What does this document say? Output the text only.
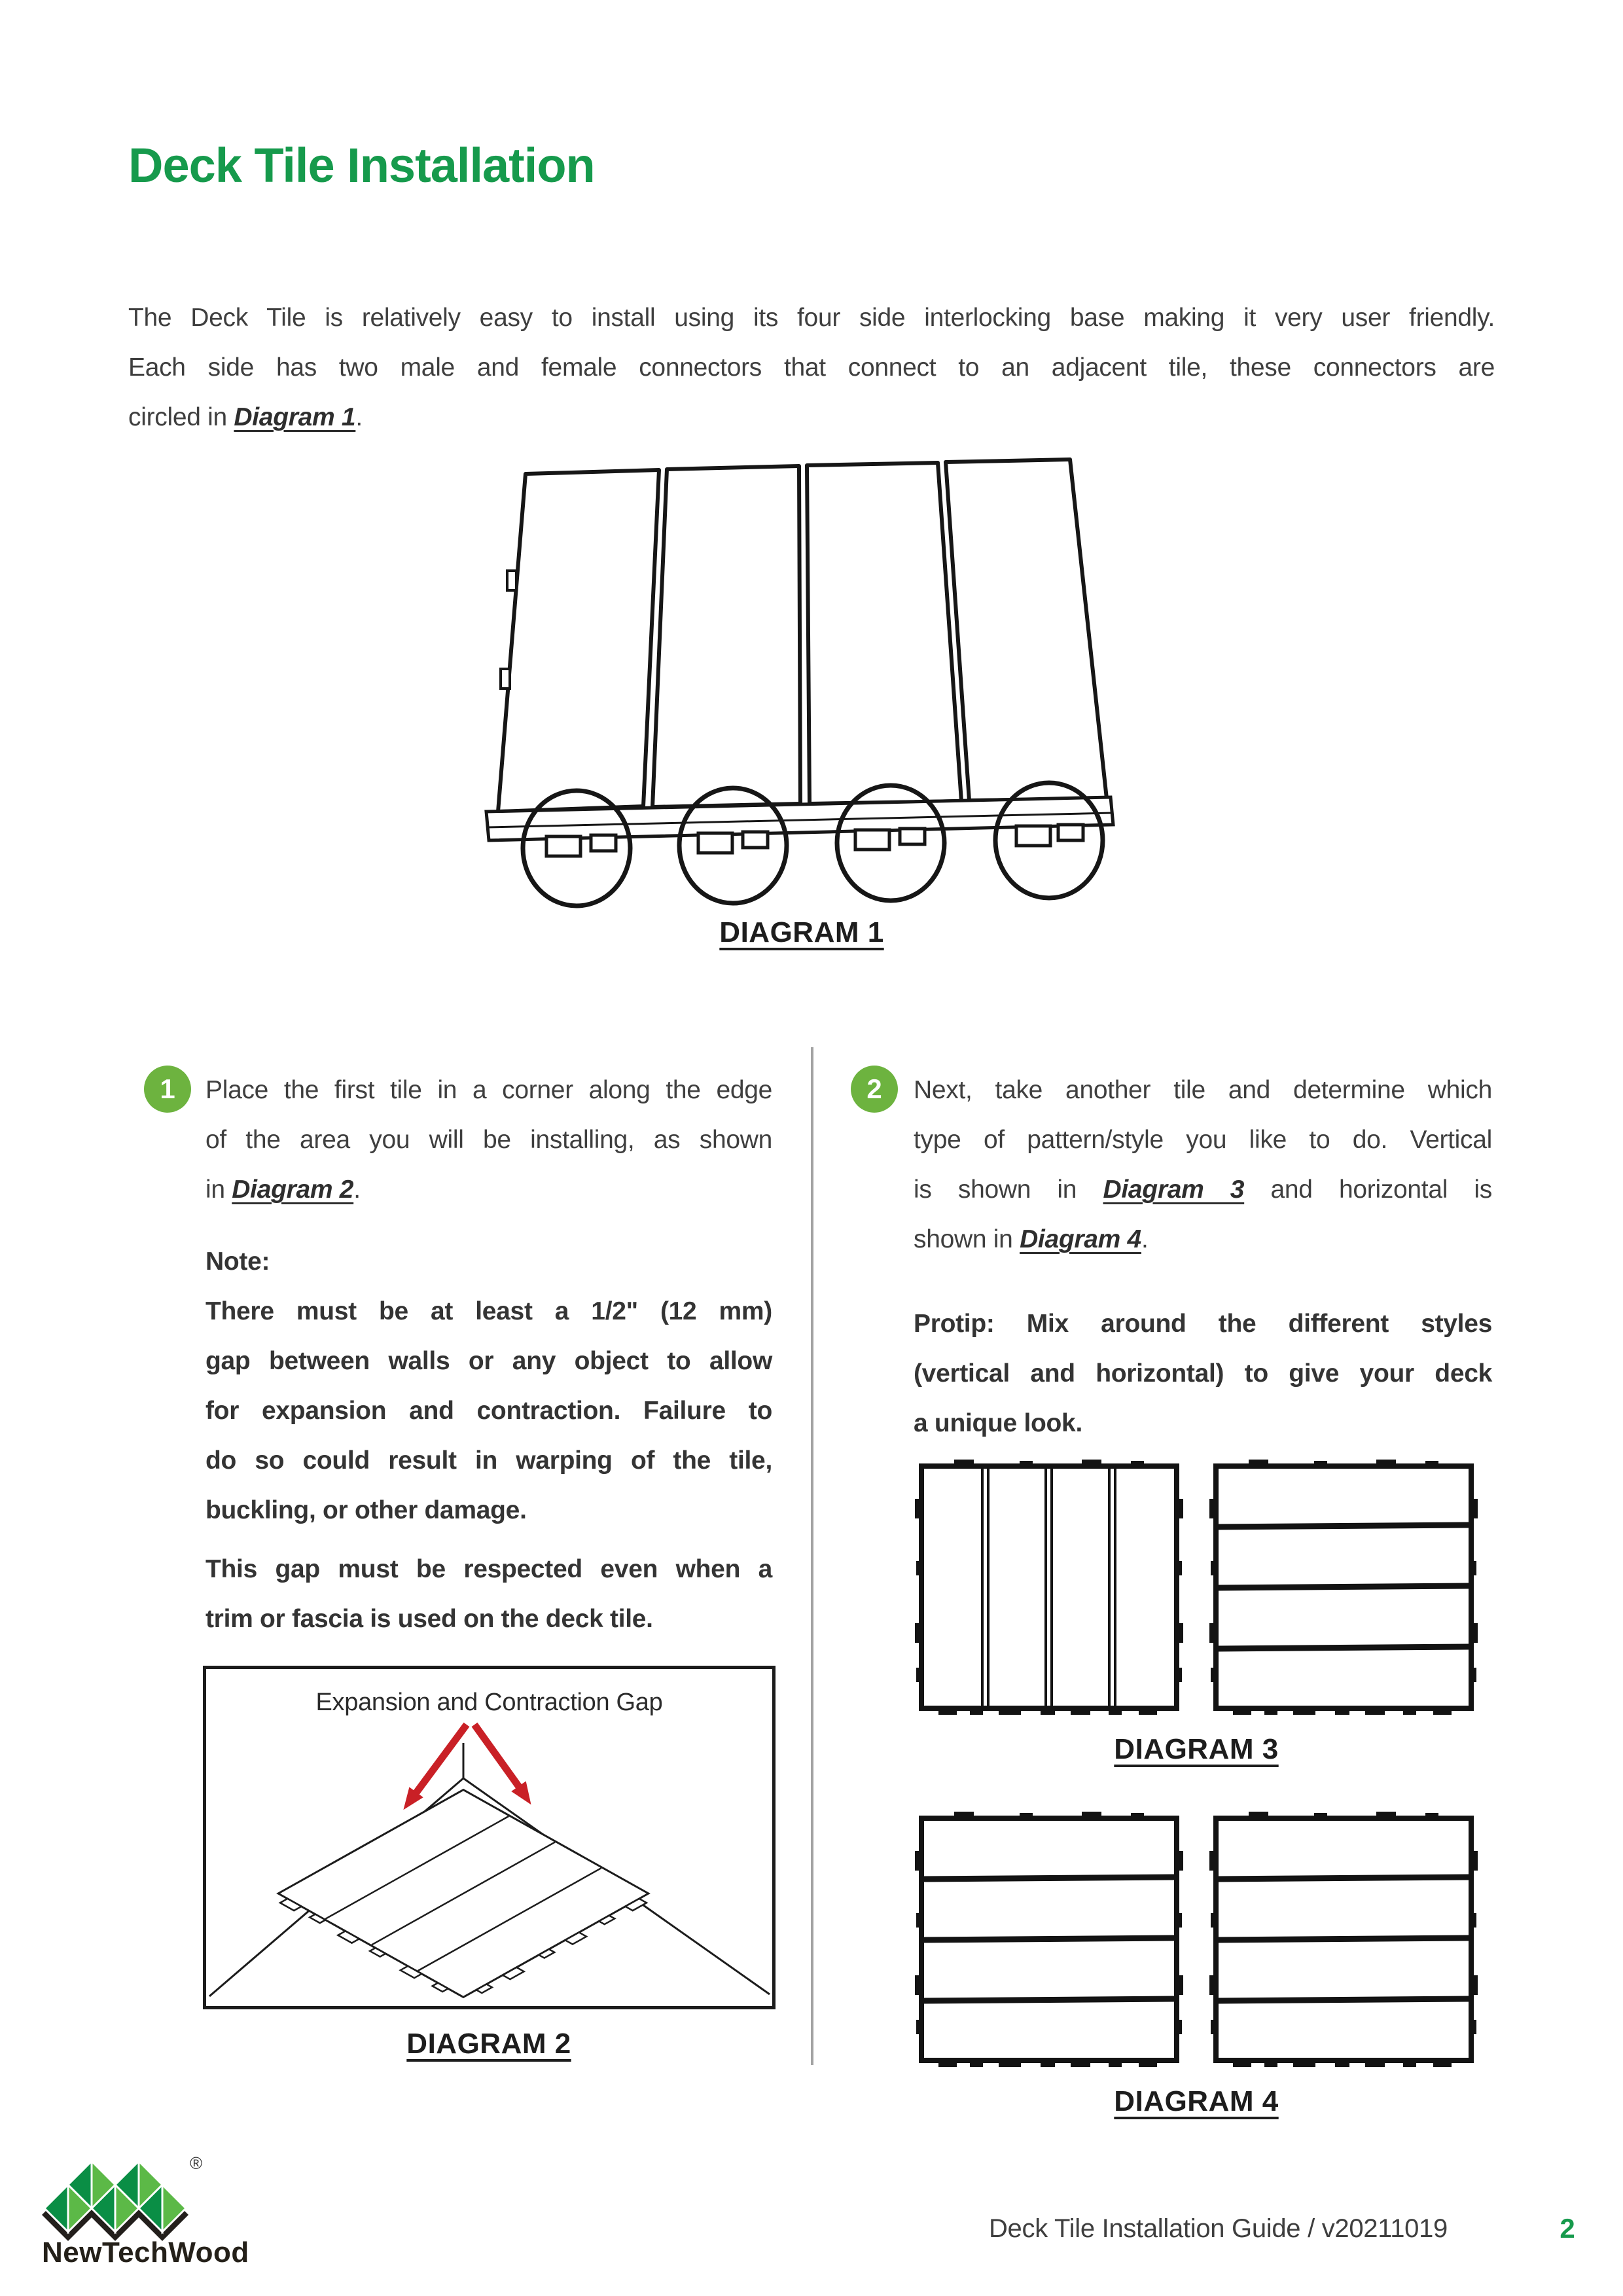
Deck Tile Installation
The Deck Tile is relatively easy to install using its four side interlocking base making it very user friendly.
Each side has two male and female connectors that connect to an adjacent tile, these connectors are
circled in Diagram 1.
DIAGRAM 1
1 Place the first tile in a corner along the edge
of the area you will be installing, as shown
in Diagram 2.
Note:
There must be at least a 1/2" (12 mm)
gap between walls or any object to allow
for expansion and contraction. Failure to
do so could result in warping of the tile,
buckling, or other damage.
This gap must be respected even when a
trim or fascia is used on the deck tile.
Expansion and Contraction Gap
DIAGRAM 2
2 Next, take another tile and determine which
type of pattern/style you like to do. Vertical
is shown in Diagram 3 and horizontal is
shown in Diagram 4.
Protip: Mix around the different styles
(vertical and horizontal) to give your deck
a unique look.
DIAGRAM 3
DIAGRAM 4
®
NewTechWood
Deck Tile Installation Guide / v20211019	2
